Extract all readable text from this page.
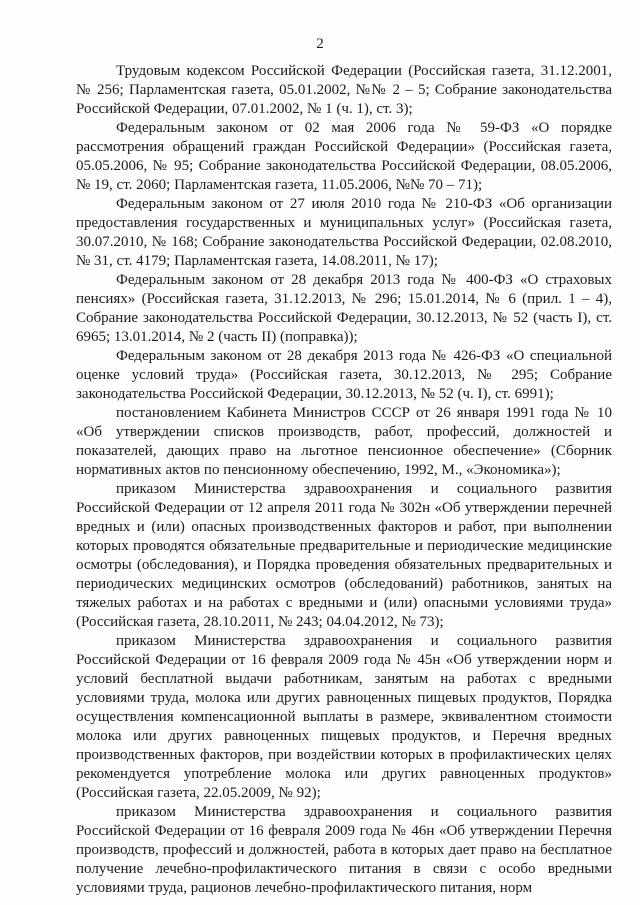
2

Трудовым кодексом Российской Федерации (Российская газета, 31.12.2001, № 256; Парламентская газета, 05.01.2002, №№ 2 – 5; Собрание законодательства Российской Федерации, 07.01.2002, № 1 (ч. 1), ст. 3);

Федеральным законом от 02 мая 2006 года № 59-ФЗ «О порядке рассмотрения обращений граждан Российской Федерации» (Российская газета, 05.05.2006, № 95; Собрание законодательства Российской Федерации, 08.05.2006, № 19, ст. 2060; Парламентская газета, 11.05.2006, №№ 70 – 71);

Федеральным законом от 27 июля 2010 года № 210-ФЗ «Об организации предоставления государственных и муниципальных услуг» (Российская газета, 30.07.2010, № 168; Собрание законодательства Российской Федерации, 02.08.2010, № 31, ст. 4179; Парламентская газета, 14.08.2011, № 17);

Федеральным законом от 28 декабря 2013 года № 400-ФЗ «О страховых пенсиях» (Российская газета, 31.12.2013, № 296; 15.01.2014, № 6 (прил. 1 – 4), Собрание законодательства Российской Федерации, 30.12.2013, № 52 (часть I), ст. 6965; 13.01.2014, № 2 (часть II) (поправка));

Федеральным законом от 28 декабря 2013 года № 426-ФЗ «О специальной оценке условий труда» (Российская газета, 30.12.2013, № 295; Собрание законодательства Российской Федерации, 30.12.2013, № 52 (ч. I), ст. 6991);

постановлением Кабинета Министров СССР от 26 января 1991 года № 10 «Об утверждении списков производств, работ, профессий, должностей и показателей, дающих право на льготное пенсионное обеспечение» (Сборник нормативных актов по пенсионному обеспечению, 1992, М., «Экономика»);

приказом Министерства здравоохранения и социального развития Российской Федерации от 12 апреля 2011 года № 302н «Об утверждении перечней вредных и (или) опасных производственных факторов и работ, при выполнении которых проводятся обязательные предварительные и периодические медицинские осмотры (обследования), и Порядка проведения обязательных предварительных и периодических медицинских осмотров (обследований) работников, занятых на тяжелых работах и на работах с вредными и (или) опасными условиями труда» (Российская газета, 28.10.2011, № 243; 04.04.2012, № 73);

приказом Министерства здравоохранения и социального развития Российской Федерации от 16 февраля 2009 года № 45н «Об утверждении норм и условий бесплатной выдачи работникам, занятым на работах с вредными условиями труда, молока или других равноценных пищевых продуктов, Порядка осуществления компенсационной выплаты в размере, эквивалентном стоимости молока или других равноценных пищевых продуктов, и Перечня вредных производственных факторов, при воздействии которых в профилактических целях рекомендуется употребление молока или других равноценных продуктов» (Российская газета, 22.05.2009, № 92);

приказом Министерства здравоохранения и социального развития Российской Федерации от 16 февраля 2009 года № 46н «Об утверждении Перечня производств, профессий и должностей, работа в которых дает право на бесплатное получение лечебно-профилактического питания в связи с особо вредными условиями труда, рационов лечебно-профилактического питания, норм
